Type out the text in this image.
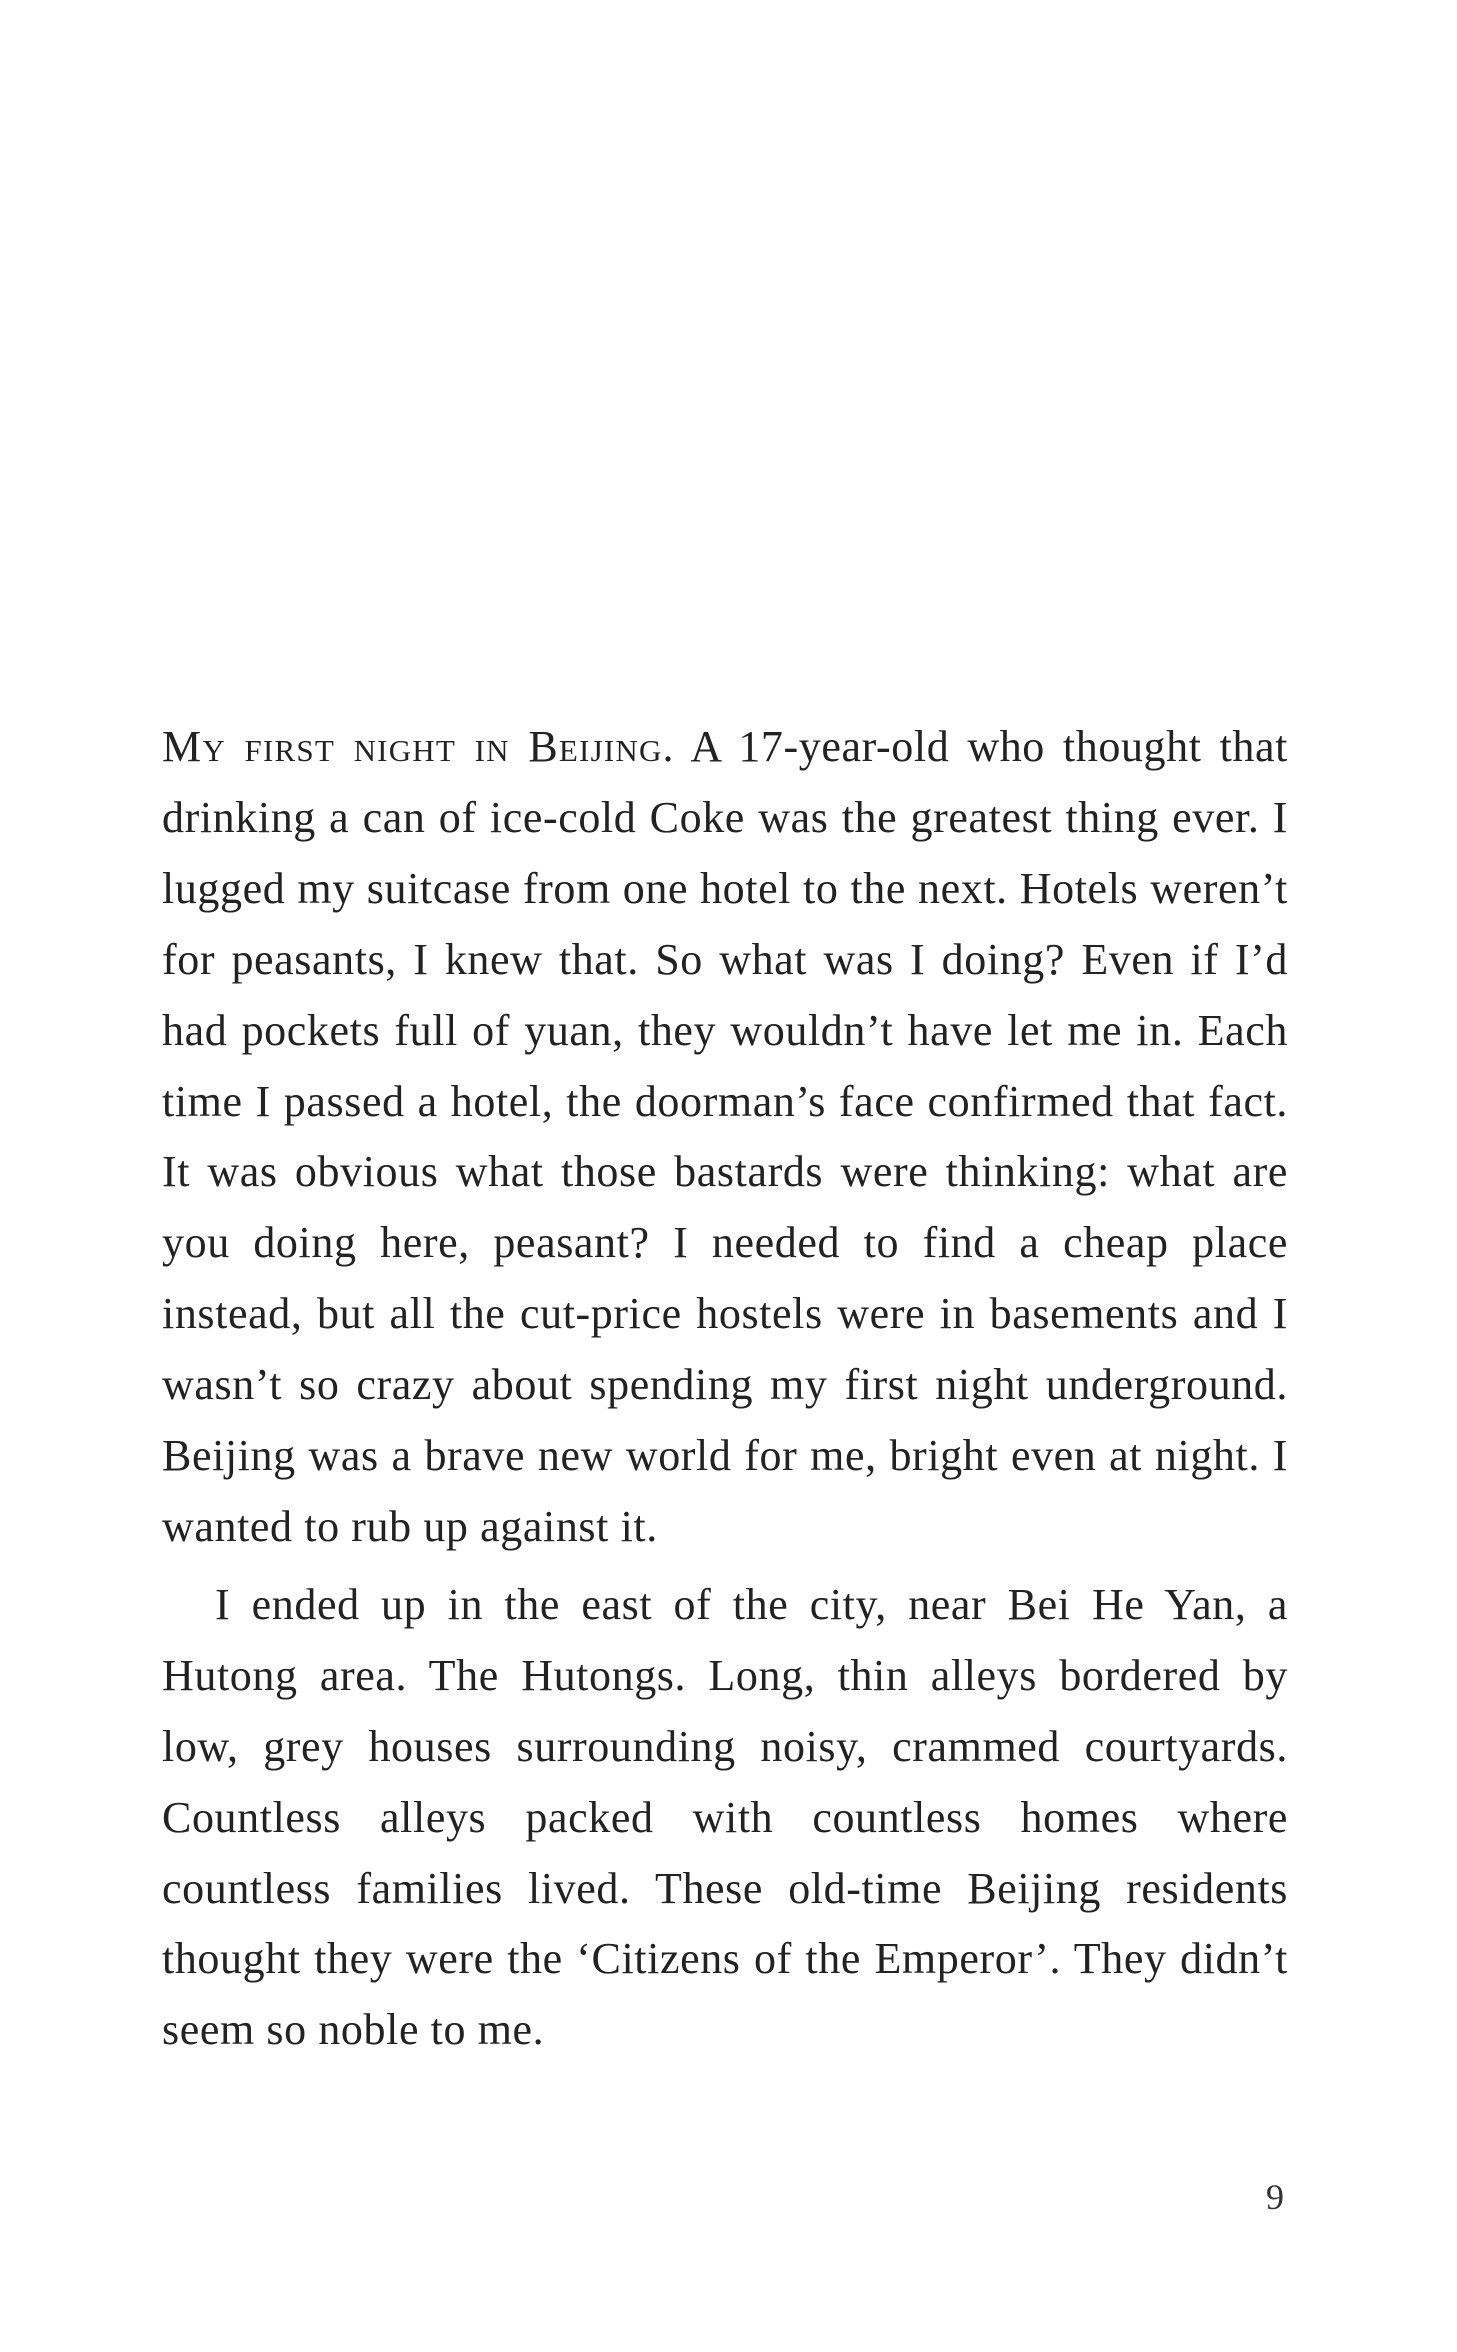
My first night in Beijing. A 17-year-old who thought that drinking a can of ice-cold Coke was the greatest thing ever. I lugged my suitcase from one hotel to the next. Hotels weren’t for peasants, I knew that. So what was I doing? Even if I’d had pockets full of yuan, they wouldn’t have let me in. Each time I passed a hotel, the doorman’s face confirmed that fact. It was obvious what those bastards were thinking: what are you doing here, peasant? I needed to find a cheap place instead, but all the cut-price hostels were in basements and I wasn’t so crazy about spending my first night underground. Beijing was a brave new world for me, bright even at night. I wanted to rub up against it.

I ended up in the east of the city, near Bei He Yan, a Hutong area. The Hutongs. Long, thin alleys bordered by low, grey houses surrounding noisy, crammed courtyards. Countless alleys packed with countless homes where countless families lived. These old-time Beijing residents thought they were the ‘Citizens of the Emperor’. They didn’t seem so noble to me.

9
